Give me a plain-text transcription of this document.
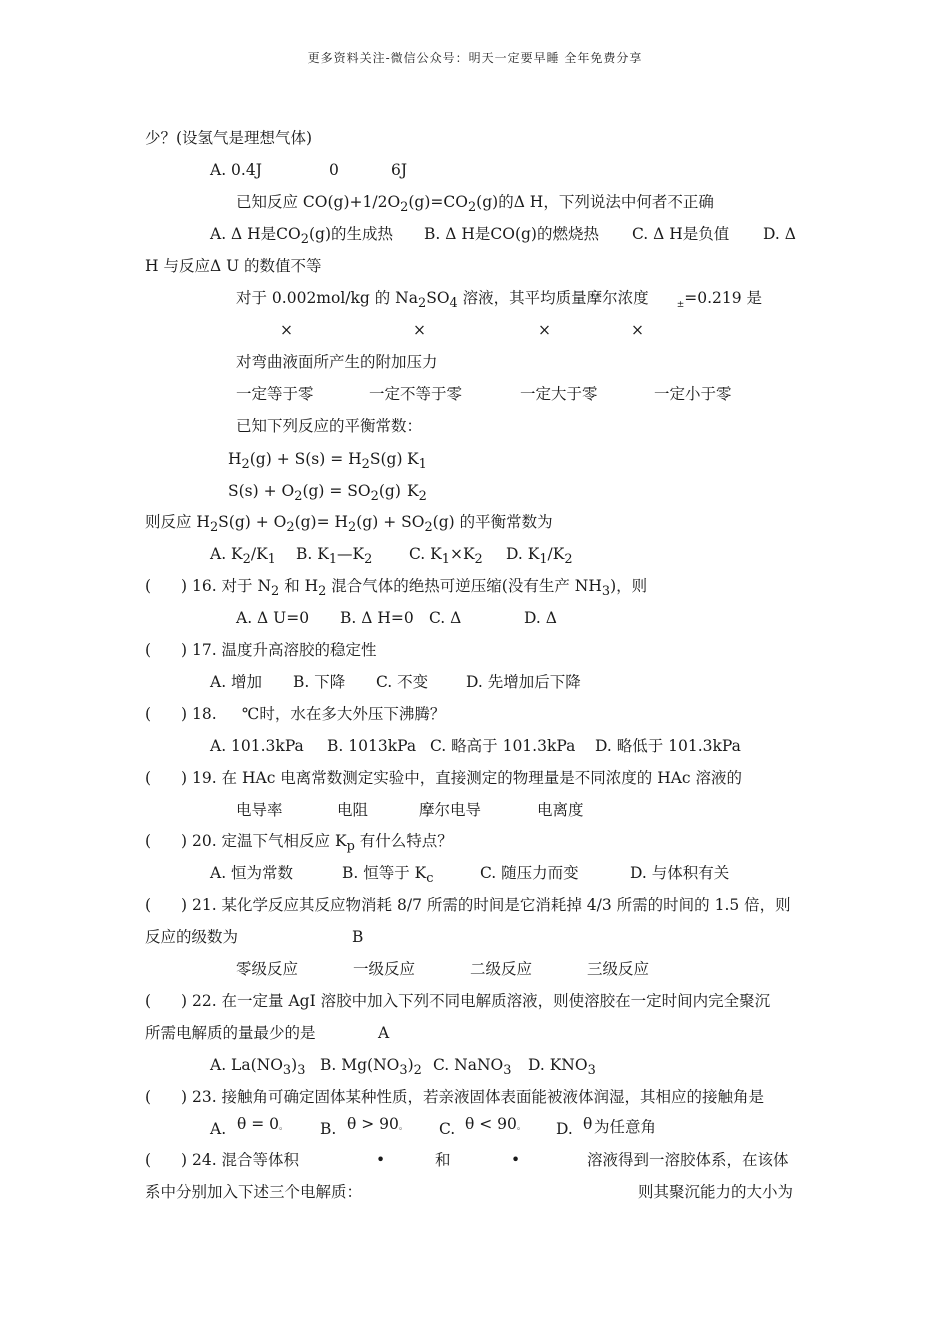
更多资料关注-微信公众号：明天一定要早睡 全年免费分享
少？(设氢气是理想气体)
A. 0.4J	0	6J
已知反应 $CO(g)+1/2O_2(g)=CO_2(g)$的Δ H，下列说法中何者不正确
A. Δ H是$CO_2(g)$的生成热 B. Δ H是CO(g)的燃烧热 C. Δ H是负值 D. Δ
H 与反应Δ U 的数值不等
对于 0.002mol/kg 的 $Na_2SO_4$ 溶液，其平均质量摩尔浓度	$_\pm$=0.219 是
×	×	×	×
对弯曲液面所产生的附加压力
一定等于零	一定不等于零	一定大于零	一定小于零
已知下列反应的平衡常数：
$H_2(g) + S(s) = H_2S(g)$ $K_1$
$S(s) + O_2(g) = SO_2(g)$ $K_2$
则反应 $H_2S(g) + O_2(g)= H_2(g) + SO_2(g)$ 的平衡常数为
A. $K_2/K_1$ B. $K_1—K_2$ C. $K_1\times K_2$ D. $K_1/K_2$
( ) 16. 对于 $N_2$ 和 $H_2$ 混合气体的绝热可逆压缩(没有生产 $NH_3$)，则
A. Δ U=0 B. Δ H=0 C. Δ	D. Δ
( ) 17. 温度升高溶胶的稳定性
A. 增加 B. 下降 C. 不变 D. 先增加后下降
( ) 18. ℃时，水在多大外压下沸腾？
A. 101.3kPa B. 1013kPa C. 略高于 101.3kPa D. 略低于 101.3kPa
( ) 19. 在 HAc 电离常数测定实验中，直接测定的物理量是不同浓度的 HAc 溶液的
电导率	电阻	摩尔电导	电离度
( ) 20. 定温下气相反应 $K_p$ 有什么特点？
A. 恒为常数	B. 恒等于 $K_c$	C. 随压力而变	D. 与体积有关
( ) 21. 某化学反应其反应物消耗 8/7 所需的时间是它消耗掉 4/3 所需的时间的 1.5 倍，则
反应的级数为	B
零级反应	一级反应	二级反应	三级反应
( ) 22. 在一定量 AgI 溶胶中加入下列不同电解质溶液，则使溶胶在一定时间内完全聚沉
所需电解质的量最少的是	A
A. $La(NO_3)_3$ B. $Mg(NO_3)_2$ C. NaNO$_3$ D. $KNO_3$
( ) 23. 接触角可确定固体某种性质，若亲液固体表面能被液体润湿，其相应的接触角是
A. θ = 0。 B. θ > 90。 C. θ < 90。 D. θ 为任意角
( ) 24. 混合等体积	•	和	•	溶液得到一溶胶体系，在该体
系中分别加入下述三个电解质：	则其聚沉能力的大小为
